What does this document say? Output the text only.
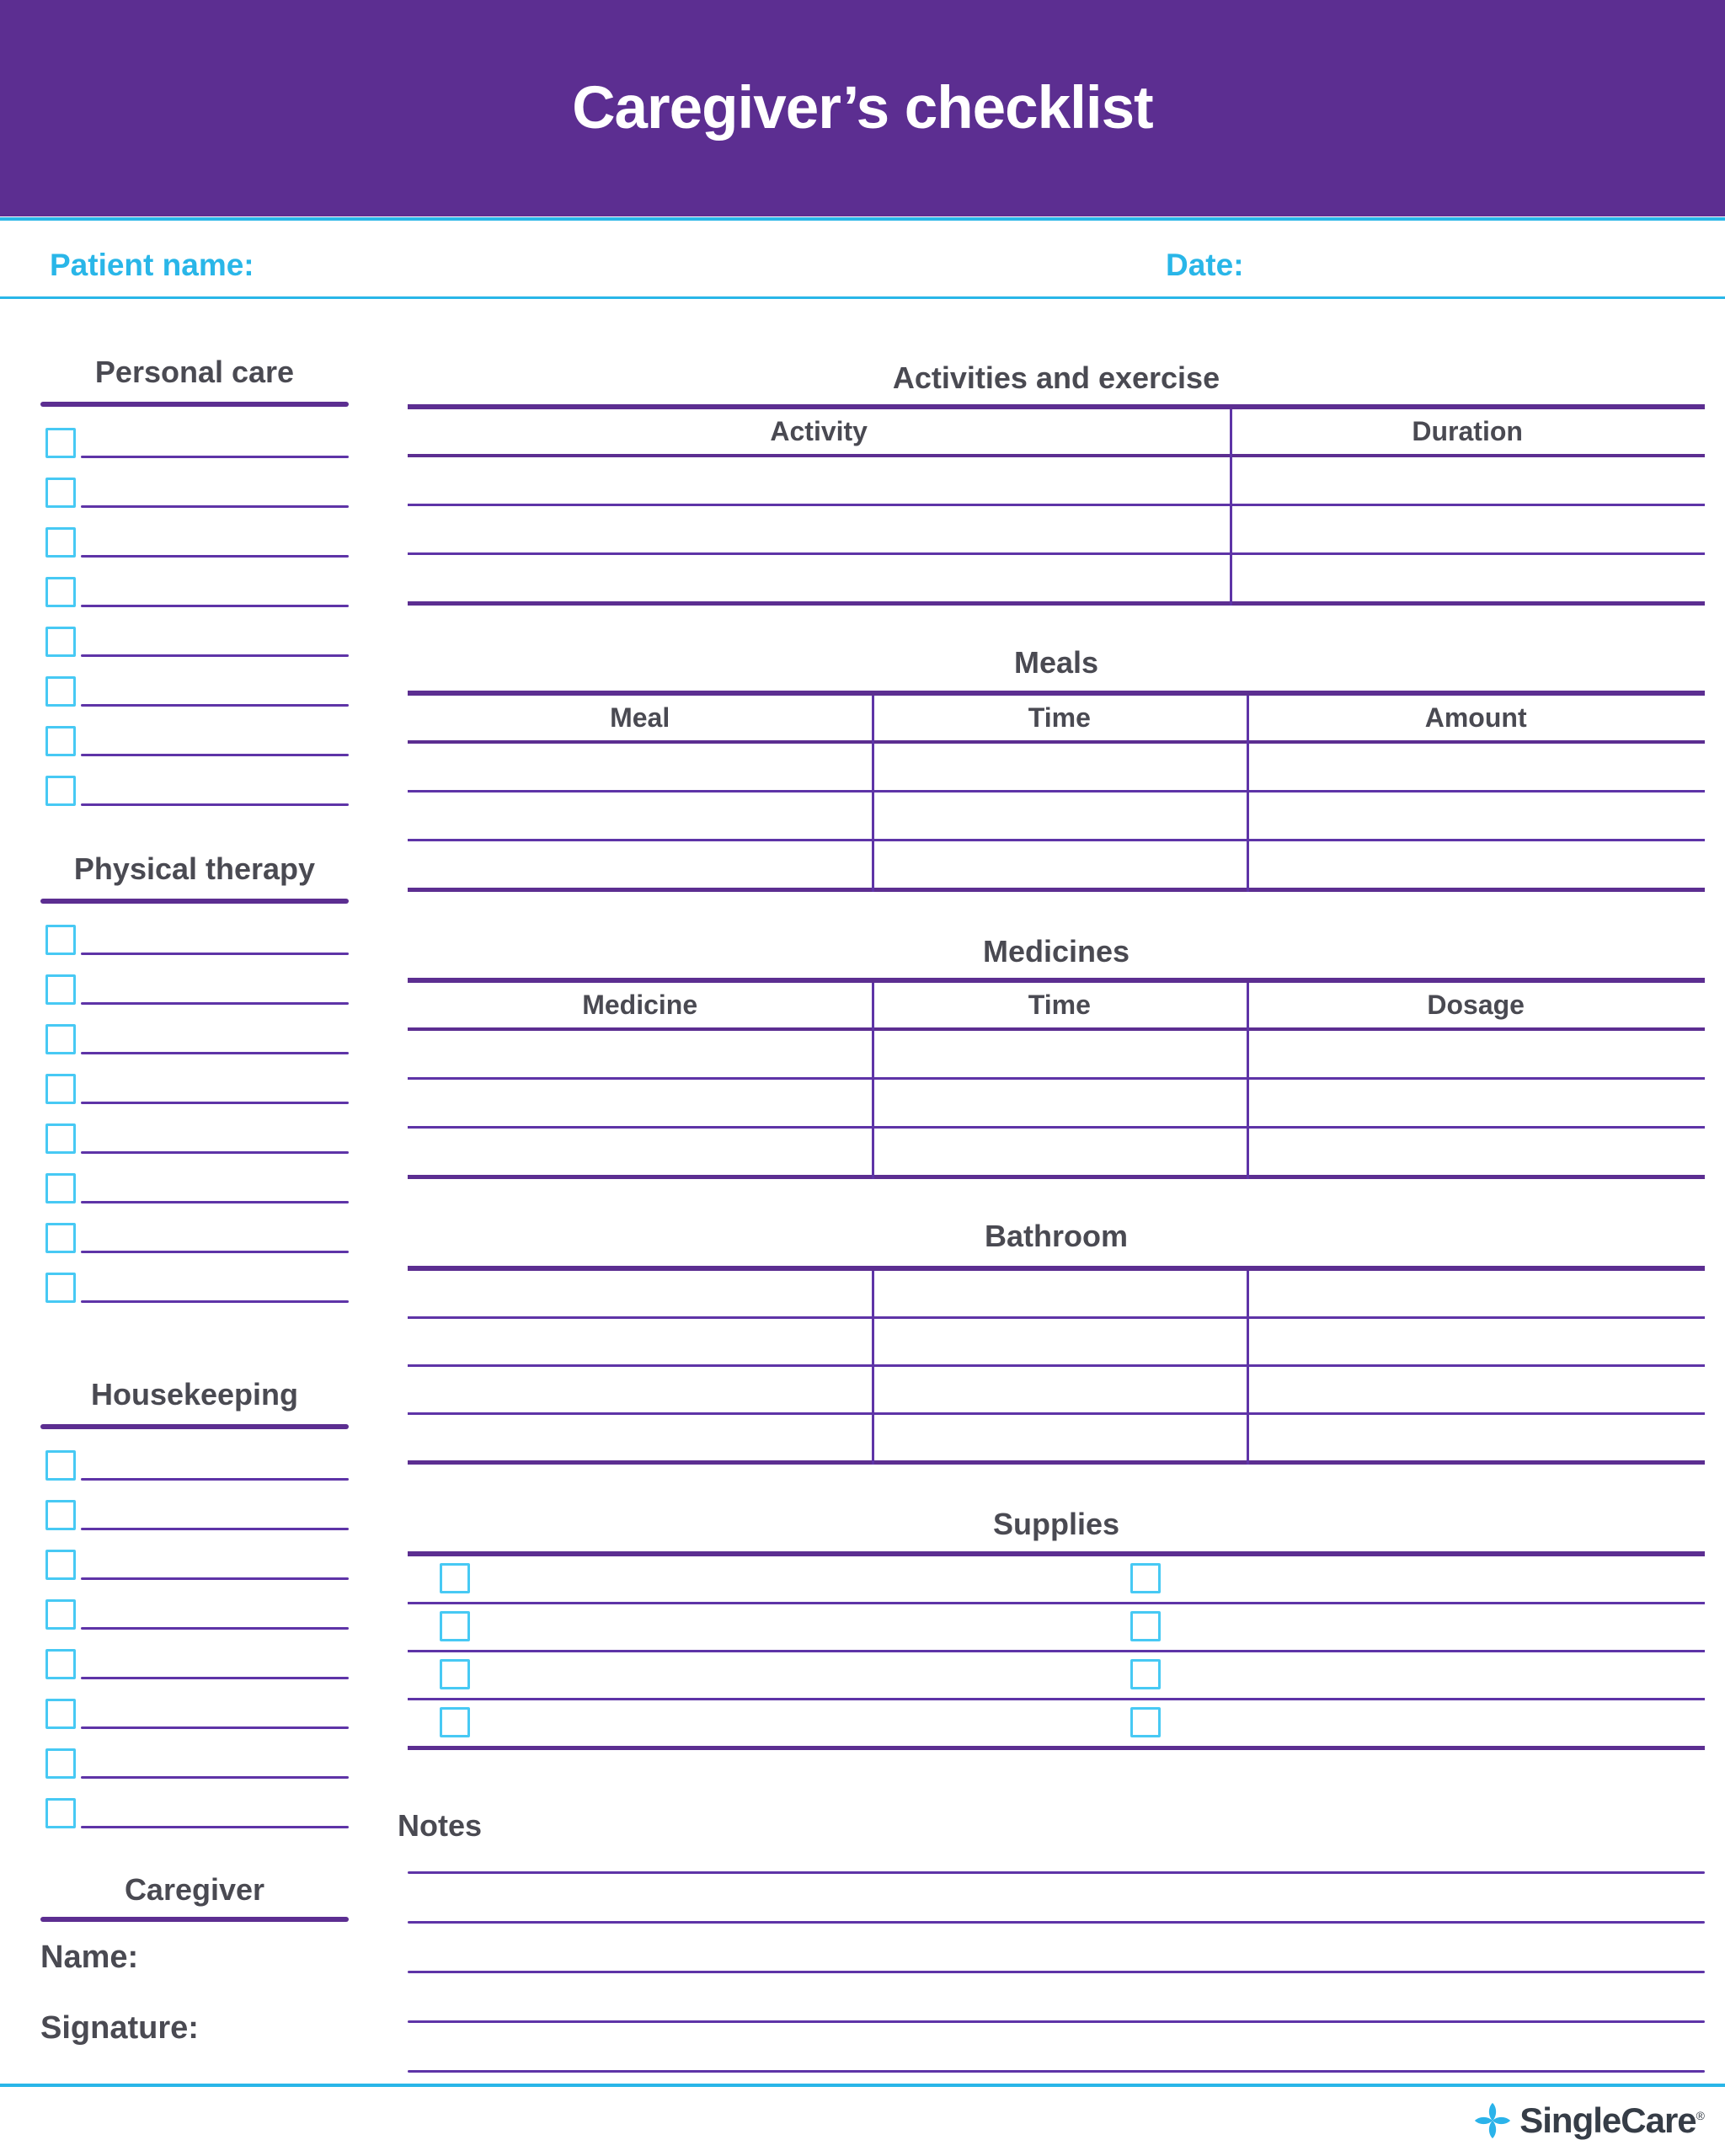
Caregiver’s checklist
Patient name:	Date:
Personal care
Physical therapy
Housekeeping
Caregiver
Name:
Signature:
Activities and exercise
Activity	Duration
Meals
Meal	Time	Amount
Medicines
Medicine	Time	Dosage
Bathroom
Supplies
Notes
SingleCare®
